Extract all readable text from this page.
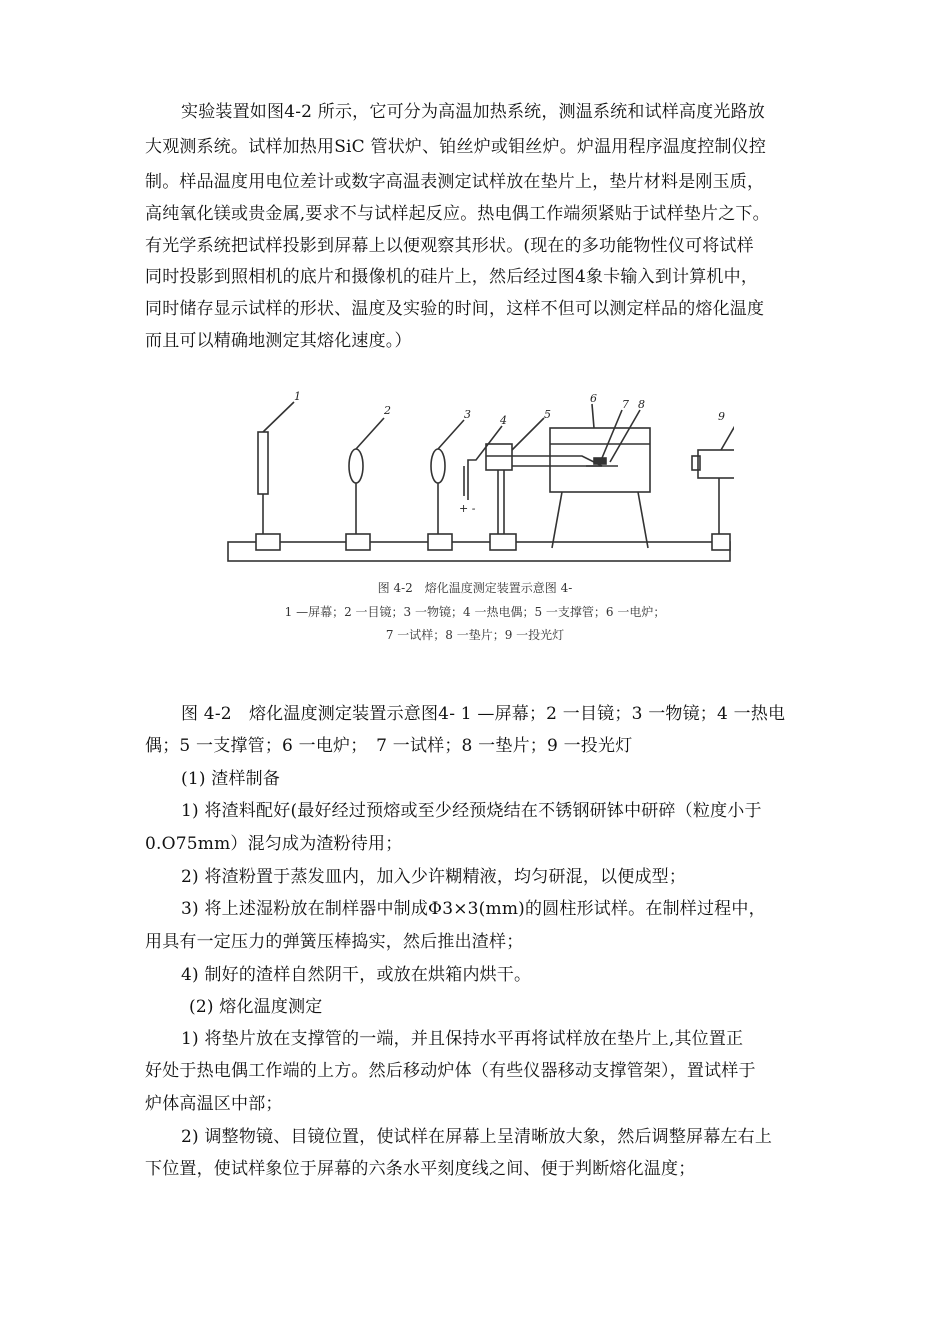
实验装置如图4-2 所示，它可分为高温加热系统，测温系统和试样高度光路放
大观测系统。试样加热用SiC 管状炉、铂丝炉或钼丝炉。炉温用程序温度控制仪控
制。样品温度用电位差计或数字高温表测定试样放在垫片上，垫片材料是刚玉质，
高纯氧化镁或贵金属,要求不与试样起反应。热电偶工作端须紧贴于试样垫片之下。
有光学系统把试样投影到屏幕上以便观察其形状。(现在的多功能物性仪可将试样
同时投影到照相机的底片和摄像机的硅片上，然后经过图4象卡输入到计算机中，
同时储存显示试样的形状、温度及实验的时间，这样不但可以测定样品的熔化温度
而且可以精确地测定其熔化速度。）
1
2	3	4	5
6 7 8
9
+ -
图 4-2　熔化温度测定装置示意图 4-
1 —屏幕；2 一目镜；3 一物镜；4 一热电偶；5 一支撑管；6 一电炉；
7 一试样；8 一垫片；9 一投光灯
图 4-2　熔化温度测定装置示意图4- 1 —屏幕；2 一目镜；3 一物镜；4 一热电
偶；5 一支撑管；6 一电炉；　7 一试样；8 一垫片；9 一投光灯
(1) 渣样制备
1) 将渣料配好(最好经过预熔或至少经预烧结在不锈钢研钵中研碎（粒度小于
0.O75mm）混匀成为渣粉待用；
2) 将渣粉置于蒸发皿内，加入少许糊精液，均匀研混，以便成型；
3) 将上述湿粉放在制样器中制成Φ3×3(mm)的圆柱形试样。在制样过程中，
用具有一定压力的弹簧压棒捣实，然后推出渣样；
4) 制好的渣样自然阴干，或放在烘箱内烘干。
(2) 熔化温度测定
1) 将垫片放在支撑管的一端，并且保持水平再将试样放在垫片上,其位置正
好处于热电偶工作端的上方。然后移动炉体（有些仪器移动支撑管架），置试样于
炉体高温区中部；
2) 调整物镜、目镜位置，使试样在屏幕上呈清晰放大象，然后调整屏幕左右上
下位置，使试样象位于屏幕的六条水平刻度线之间、便于判断熔化温度；
